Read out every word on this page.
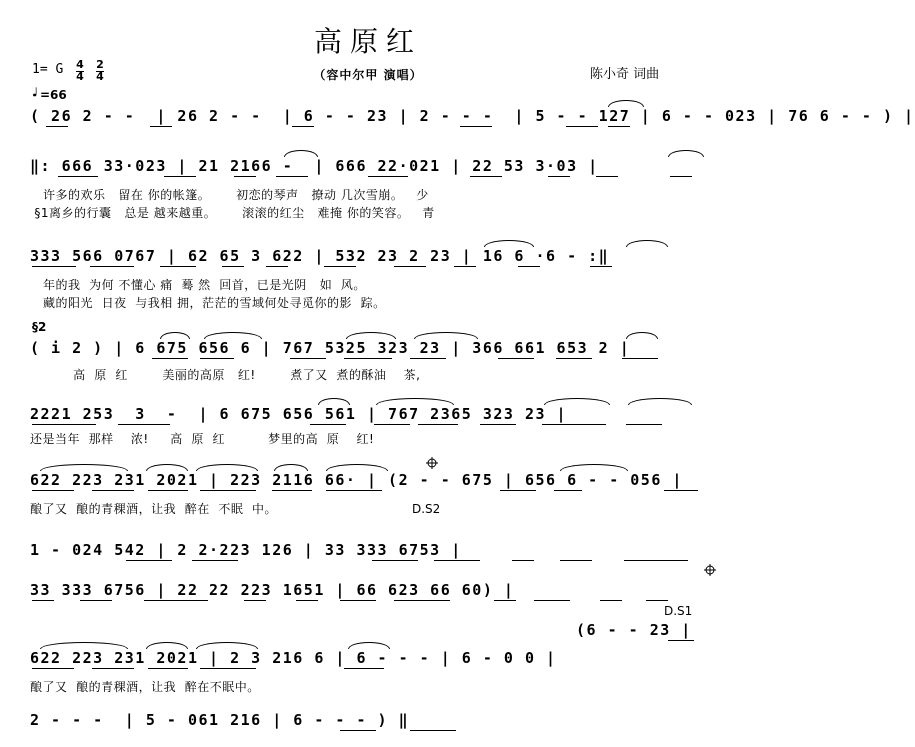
高原红
（容中尔甲 演唱）	陈小奇 词曲
1= G 4
4
2
4
=66
( 26 2 - -  | 26 2 - -  | 6 - - 23 | 2 - - -  | 5 - - 127 | 6 - - 023 | 76 6 - - ) |
‖: 666 33·023 | 21 2166 -  | 666 22·021 | 22 53 3·03 |
许多的欢乐   留在 你的帐篷。      初恋的琴声   撩动 几次雪崩。   少
§1离乡的行囊   总是 越来越重。      滚滚的红尘   难掩 你的笑容。   青
333 566 0767 | 62 65 3 622 | 532 23 2 23 | 16 6 ·6 - :‖
年的我  为何 不懂心 痛  蓦 然  回首，已是光阴   如  风。
藏的阳光  日夜  与我相 拥，茫茫的雪域何处寻觅你的影  踪。
§2
( i 2 ) | 6 675 656 6 | 767 5325 323 23 | 366 661 653 2 |
高  原  红        美丽的高原   红!        煮了又  煮的酥油    茶,
2221 253  3  -  | 6 675 656 561 | 767 2365 323 23 |
还是当年  那样    浓!     高  原  红          梦里的高  原    红!
622 223 231 2021 | 223 2116 66· | (2 - - 675 | 656 6 - - 056 |
酿了又  酿的青稞酒，让我  醉在  不眠  中。	D.S2
1 - 024 542 | 2 2·223 126 | 33 333 6753 |
33 333 6756 | 22 22 223 1651 | 66 623 66 60) |
D.S1
(6 - - 23 |
622 223 231 2021 | 2 3 216 6 | 6 - - - | 6 - 0 0 |
酿了又  酿的青稞酒，让我  醉在不眠中。
2 - - -  | 5 - 061 216 | 6 - - - ) ‖
